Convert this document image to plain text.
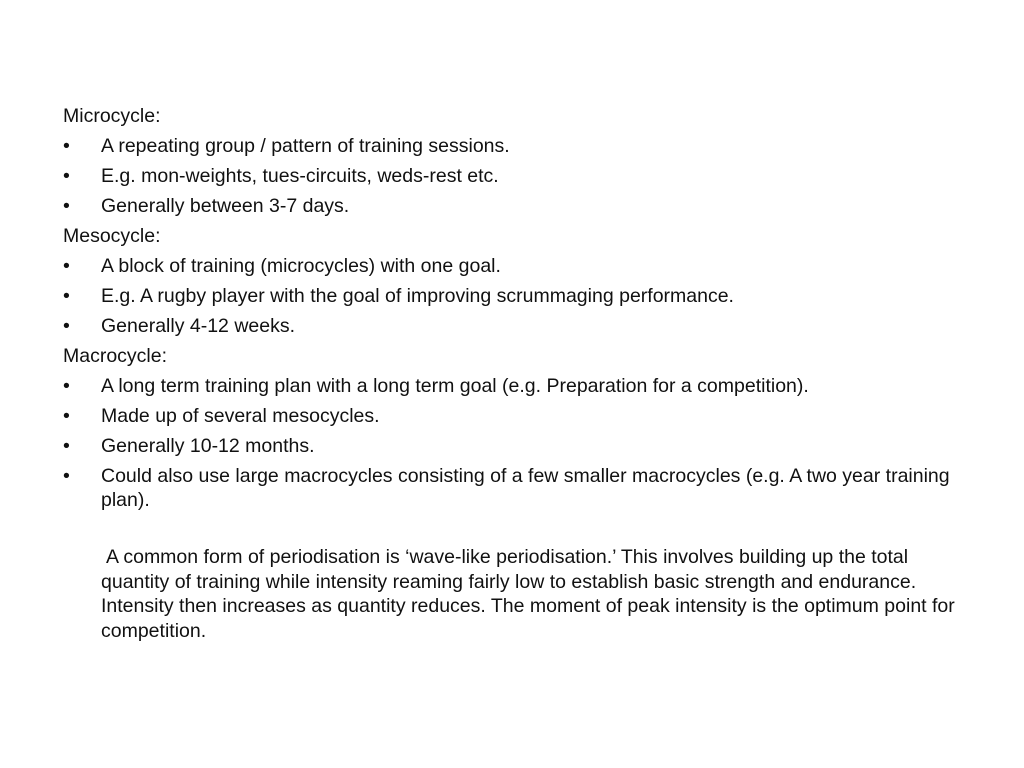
Microcycle:
•	A repeating group / pattern of training sessions.
•	E.g. mon-weights, tues-circuits, weds-rest etc.
•	Generally between 3-7 days.
Mesocycle:
•	A block of training (microcycles) with one goal.
•	E.g. A rugby player with the goal of improving scrummaging performance.
•	Generally 4-12 weeks.
Macrocycle:
•	A long term training plan with a long term goal (e.g. Preparation for a competition).
•	Made up of several mesocycles.
•	Generally 10-12 months.
•	Could also use large macrocycles consisting of a few smaller macrocycles (e.g. A two year training plan).
A common form of periodisation is ‘wave-like periodisation.’ This involves building up the total quantity of training while intensity reaming fairly low to establish basic strength and endurance. Intensity then increases as quantity reduces. The moment of peak intensity is the optimum point for competition.
